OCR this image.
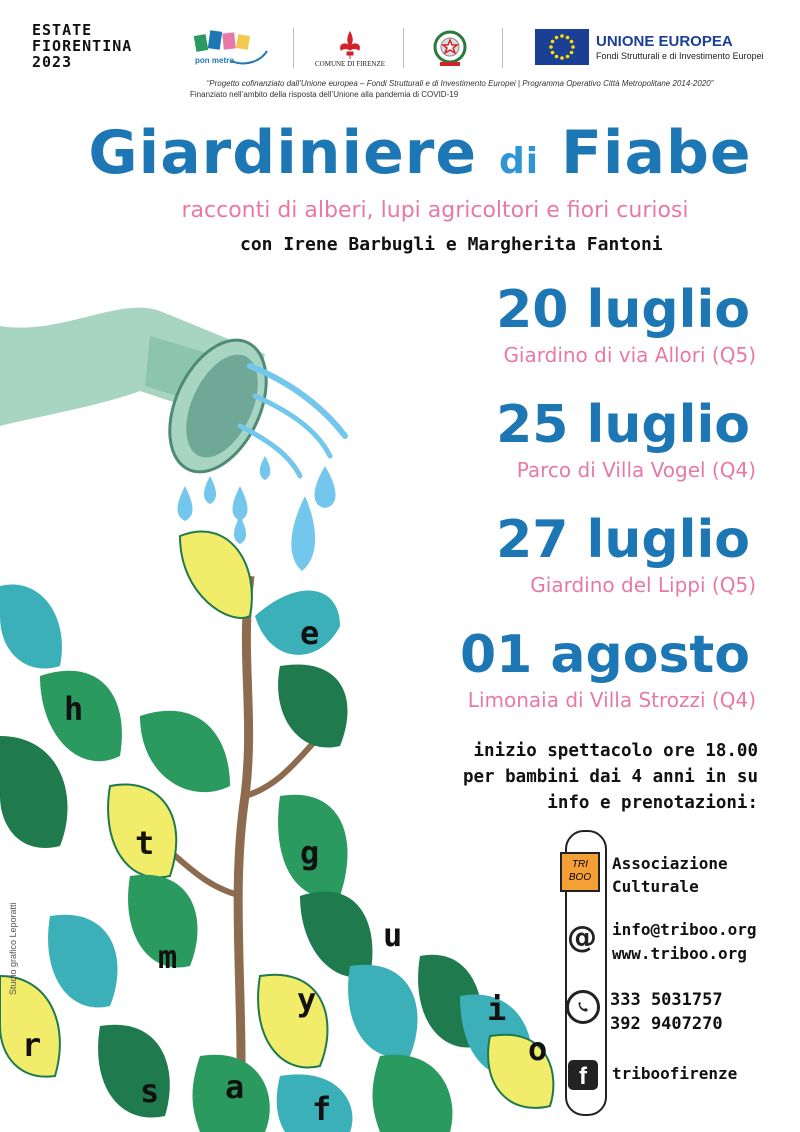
e
h
t	g
u
m
y	i
r	o
s a
f
ESTATE
FIORENTINA
2023	pon metro	COMUNE DI FIRENZE
UNIONE EUROPEA
Fondi Strutturali e di Investimento Europei
“Progetto cofinanziato dall’Unione europea – Fondi Strutturali e di Investimento Europei | Programma Operativo Città Metropolitane 2014-2020”
Finanziato nell’ambito della risposta dell’Unione alla pandemia di COVID-19
Giardiniere di Fiabe
racconti di alberi, lupi agricoltori e fiori curiosi
con Irene Barbugli e Margherita Fantoni
20 luglio
Giardino di via Allori (Q5)
25 luglio
Parco di Villa Vogel (Q4)
27 luglio
Giardino del Lippi (Q5)
01 agosto
Limonaia di Villa Strozzi (Q4)
inizio spettacolo ore 18.00
per bambini dai 4 anni in su
info e prenotazioni:
TRI
BOO
Associazione
Culturale
@ info@triboo.org
www.triboo.org
333 5031757
392 9407270
f	triboofirenze
Studio grafico Leporatti
